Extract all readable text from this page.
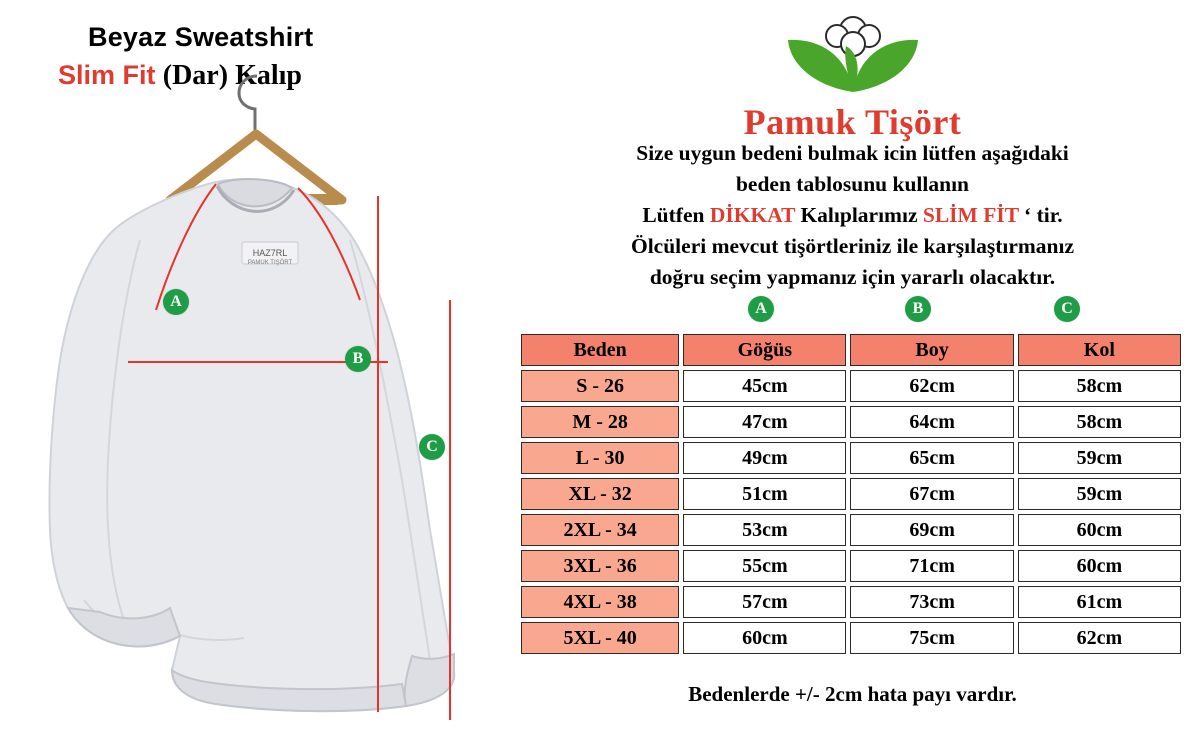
Beyaz Sweatshirt
Slim Fit (Dar) Kalıp
HAZ7RL
PAMUK TIŞÖRT
A
B
C
Pamuk Tişört

Size uygun bedeni bulmak icin lütfen aşağıdaki

beden tablosunu kullanın

Lütfen DİKKAT Kalıplarımız SLİM FİT ‘ tir.

Ölcüleri mevcut tişörtleriniz ile karşılaştırmanız

doğru seçim yapmanız için yararlı olacaktır.

A	B	C
Beden	Göğüs	Boy	Kol
S - 26	45cm	62cm	58cm
M - 28	47cm	64cm	58cm
L - 30	49cm	65cm	59cm
XL - 32	51cm	67cm	59cm
2XL - 34	53cm	69cm	60cm
3XL - 36	55cm	71cm	60cm
4XL - 38	57cm	73cm	61cm
5XL - 40	60cm	75cm	62cm
Bedenlerde +/- 2cm hata payı vardır.
